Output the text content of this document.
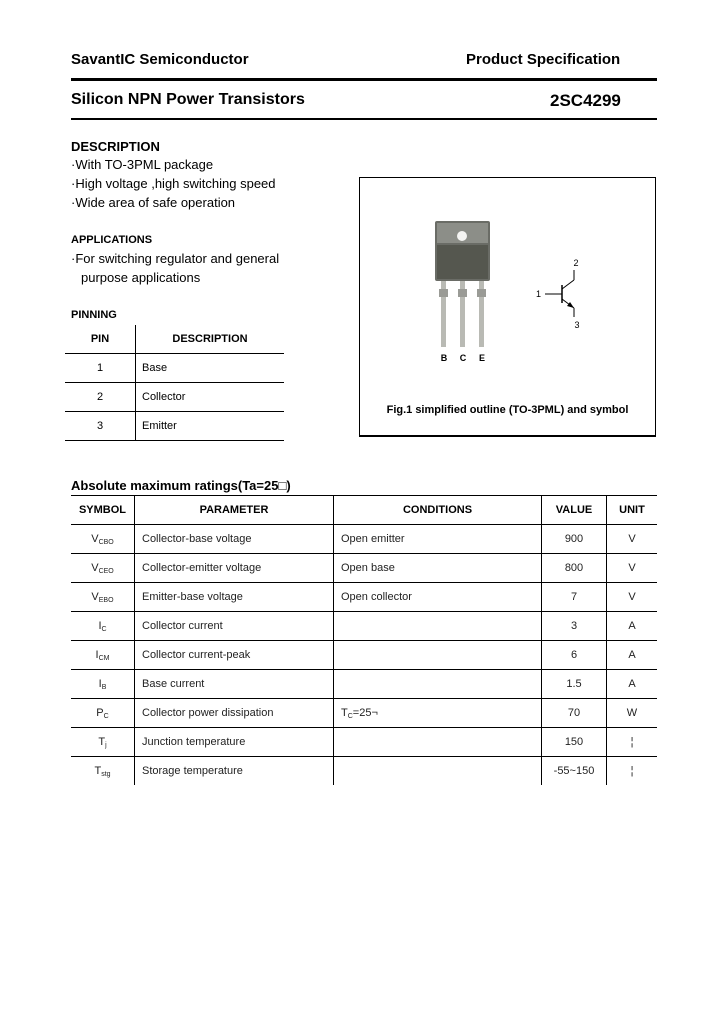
SavantIC Semiconductor	Product Specification
Silicon NPN Power Transistors	2SC4299
DESCRIPTION
·With TO-3PML package
·High voltage ,high switching speed
·Wide area of safe operation
APPLICATIONS
·For switching regulator and general
purpose applications
PINNING
PIN	DESCRIPTION
1	Base
2	Collector
3	Emitter
B C E
1
2
3
Fig.1 simplified outline (TO-3PML) and symbol
Absolute maximum ratings(Ta=25□)
SYMBOL	PARAMETER	CONDITIONS	VALUE	UNIT
$V_{CBO}$	Collector-base voltage	Open emitter	900	V
$V_{CEO}$	Collector-emitter voltage	Open base	800	V
$V_{EBO}$	Emitter-base voltage	Open collector	7	V
$I_C$	Collector current		3	A
$I_{CM}$	Collector current-peak		6	A
$I_B$	Base current		1.5	A
$P_C$	Collector power dissipation	$T_C=25\neg$	70	W
$T_j$	Junction temperature		150	¦
$T_{stg}$	Storage temperature		-55~150	¦
